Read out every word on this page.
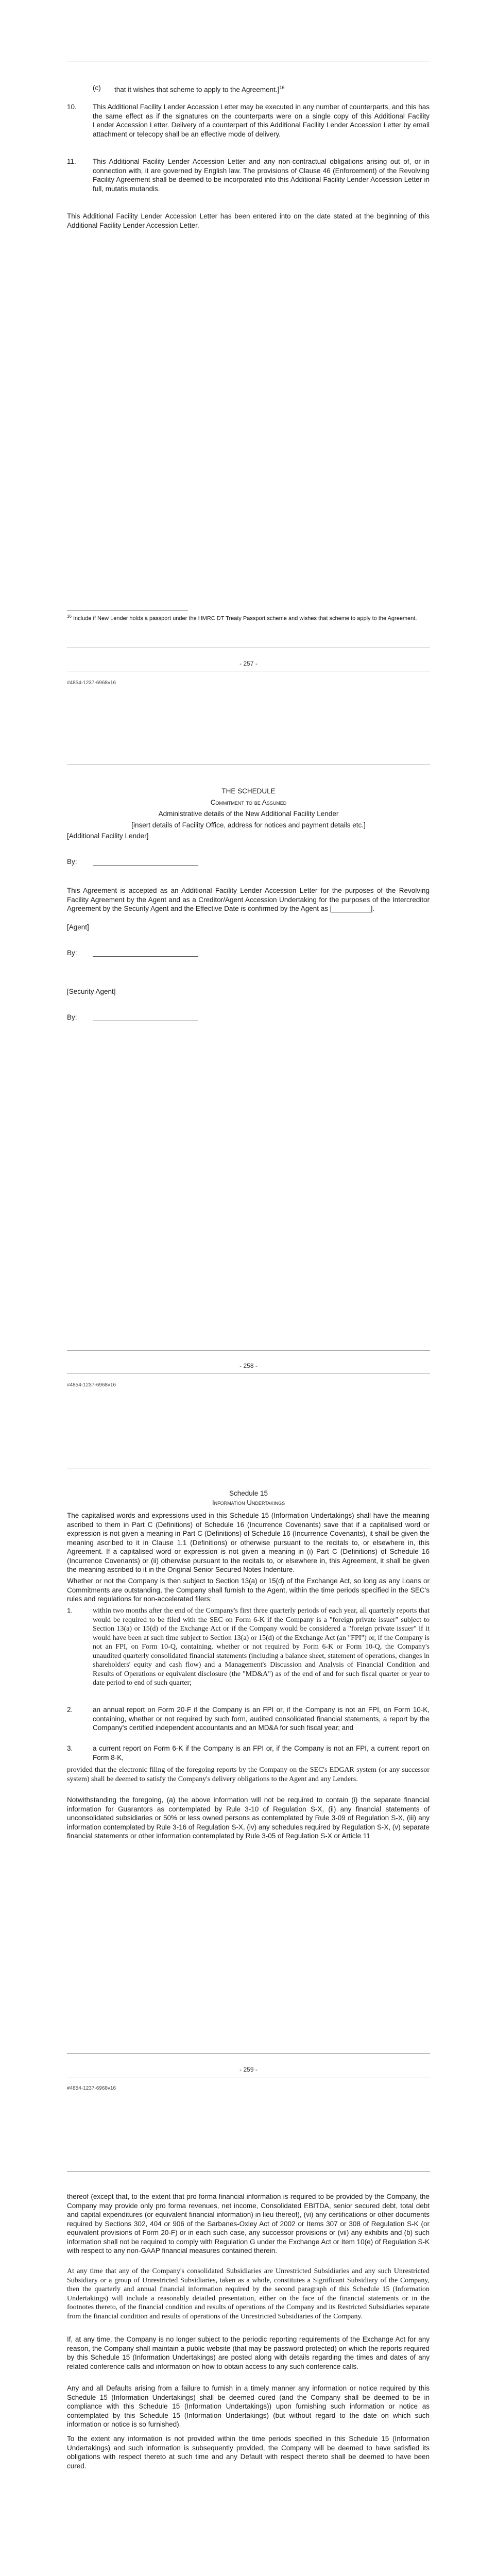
(c) that it wishes that scheme to apply to the Agreement.]$^{16}$
10. This Additional Facility Lender Accession Letter may be executed in any number of counterparts, and this has the same effect as if the signatures on the counterparts were on a single copy of this Additional Facility Lender Accession Letter. Delivery of a counterpart of this Additional Facility Lender Accession Letter by email attachment or telecopy shall be an effective mode of delivery.
11. This Additional Facility Lender Accession Letter and any non-contractual obligations arising out of, or in connection with, it are governed by English law. The provisions of Clause 46 (Enforcement) of the Revolving Facility Agreement shall be deemed to be incorporated into this Additional Facility Lender Accession Letter in full, mutatis mutandis.
This Additional Facility Lender Accession Letter has been entered into on the date stated at the beginning of this Additional Facility Lender Accession Letter.
$^{16}$ Include if New Lender holds a passport under the HMRC DT Treaty Passport scheme and wishes that scheme to apply to the Agreement.
- 257 -
#4854-1237-6968v16
THE SCHEDULE
Commitment to be Assumed
Administrative details of the New Additional Facility Lender
[insert details of Facility Office, address for notices and payment details etc.]
[Additional Facility Lender]
By:
This Agreement is accepted as an Additional Facility Lender Accession Letter for the purposes of the Revolving Facility Agreement by the Agent and as a Creditor/Agent Accession Undertaking for the purposes of the Intercreditor Agreement by the Security Agent and the Effective Date is confirmed by the Agent as [__________].
[Agent]
By:
[Security Agent]
By:
- 258 -
#4854-1237-6968v16
Schedule 15
Information Undertakings
The capitalised words and expressions used in this Schedule 15 (Information Undertakings) shall have the meaning ascribed to them in Part C (Definitions) of Schedule 16 (Incurrence Covenants) save that if a capitalised word or expression is not given a meaning in Part C (Definitions) of Schedule 16 (Incurrence Covenants), it shall be given the meaning ascribed to it in Clause 1.1 (Definitions) or otherwise pursuant to the recitals to, or elsewhere in, this Agreement. If a capitalised word or expression is not given a meaning in (i) Part C (Definitions) of Schedule 16 (Incurrence Covenants) or (ii) otherwise pursuant to the recitals to, or elsewhere in, this Agreement, it shall be given the meaning ascribed to it in the Original Senior Secured Notes Indenture.
Whether or not the Company is then subject to Section 13(a) or 15(d) of the Exchange Act, so long as any Loans or Commitments are outstanding, the Company shall furnish to the Agent, within the time periods specified in the SEC's rules and regulations for non-accelerated filers:
1.	within two months after the end of the Company's first three quarterly periods of each year, all quarterly reports that would be required to be filed with the SEC on Form 6-K if the Company is a "foreign private issuer" subject to Section 13(a) or 15(d) of the Exchange Act or if the Company would be considered a "foreign private issuer" if it would have been at such time subject to Section 13(a) or 15(d) of the Exchange Act (an "FPI") or, if the Company is not an FPI, on Form 10-Q, containing, whether or not required by Form 6-K or Form 10-Q, the Company's unaudited quarterly consolidated financial statements (including a balance sheet, statement of operations, changes in shareholders' equity and cash flow) and a Management's Discussion and Analysis of Financial Condition and Results of Operations or equivalent disclosure (the "MD&A") as of the end of and for such fiscal quarter or year to date period to end of such quarter;
2.	an annual report on Form 20-F if the Company is an FPI or, if the Company is not an FPI, on Form 10-K, containing, whether or not required by such form, audited consolidated financial statements, a report by the Company's certified independent accountants and an MD&A for such fiscal year; and
3.	a current report on Form 6-K if the Company is an FPI or, if the Company is not an FPI, a current report on Form 8-K,
provided that the electronic filing of the foregoing reports by the Company on the SEC's EDGAR system (or any successor system) shall be deemed to satisfy the Company's delivery obligations to the Agent and any Lenders.
Notwithstanding the foregoing, (a) the above information will not be required to contain (i) the separate financial information for Guarantors as contemplated by Rule 3-10 of Regulation S-X, (ii) any financial statements of unconsolidated subsidiaries or 50% or less owned persons as contemplated by Rule 3-09 of Regulation S-X, (iii) any information contemplated by Rule 3-16 of Regulation S-X, (iv) any schedules required by Regulation S-X, (v) separate financial statements or other information contemplated by Rule 3-05 of Regulation S-X or Article 11
- 259 -
#4854-1237-6968v16
thereof (except that, to the extent that pro forma financial information is required to be provided by the Company, the Company may provide only pro forma revenues, net income, Consolidated EBITDA, senior secured debt, total debt and capital expenditures (or equivalent financial information) in lieu thereof), (vi) any certifications or other documents required by Sections 302, 404 or 906 of the Sarbanes-Oxley Act of 2002 or Items 307 or 308 of Regulation S-K (or equivalent provisions of Form 20-F) or in each such case, any successor provisions or (vii) any exhibits and (b) such information shall not be required to comply with Regulation G under the Exchange Act or Item 10(e) of Regulation S-K with respect to any non-GAAP financial measures contained therein.
At any time that any of the Company's consolidated Subsidiaries are Unrestricted Subsidiaries and any such Unrestricted Subsidiary or a group of Unrestricted Subsidiaries, taken as a whole, constitutes a Significant Subsidiary of the Company, then the quarterly and annual financial information required by the second paragraph of this Schedule 15 (Information Undertakings) will include a reasonably detailed presentation, either on the face of the financial statements or in the footnotes thereto, of the financial condition and results of operations of the Company and its Restricted Subsidiaries separate from the financial condition and results of operations of the Unrestricted Subsidiaries of the Company.
If, at any time, the Company is no longer subject to the periodic reporting requirements of the Exchange Act for any reason, the Company shall maintain a public website (that may be password protected) on which the reports required by this Schedule 15 (Information Undertakings) are posted along with details regarding the times and dates of any related conference calls and information on how to obtain access to any such conference calls.
Any and all Defaults arising from a failure to furnish in a timely manner any information or notice required by this Schedule 15 (Information Undertakings) shall be deemed cured (and the Company shall be deemed to be in compliance with this Schedule 15 (Information Undertakings)) upon furnishing such information or notice as contemplated by this Schedule 15 (Information Undertakings) (but without regard to the date on which such information or notice is so furnished).
To the extent any information is not provided within the time periods specified in this Schedule 15 (Information Undertakings) and such information is subsequently provided, the Company will be deemed to have satisfied its obligations with respect thereto at such time and any Default with respect thereto shall be deemed to have been cured.
